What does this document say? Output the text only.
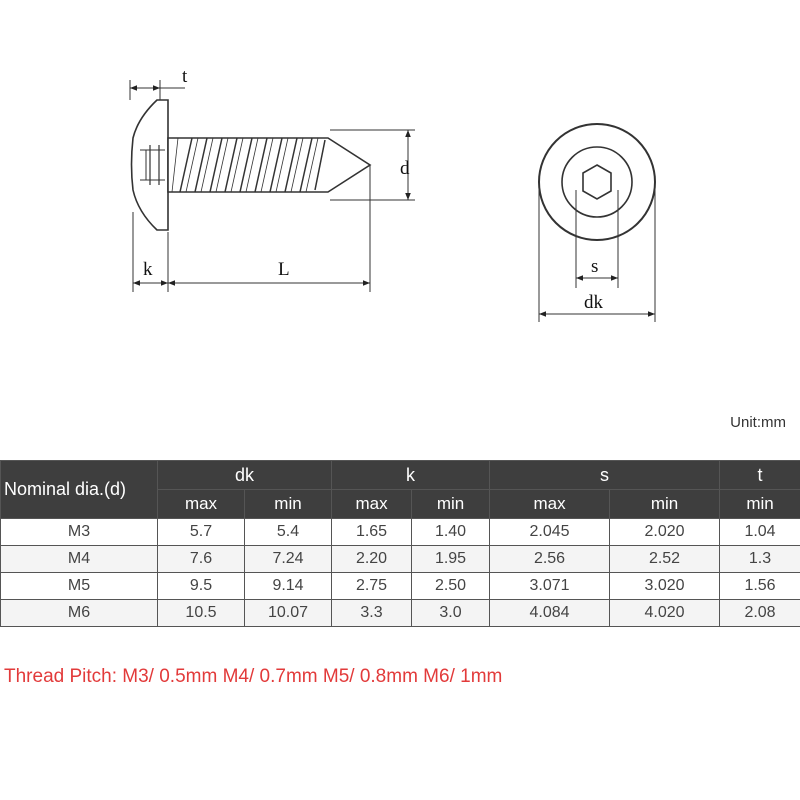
t
d
k	L	s
dk
Unit:mm
Nominal dia.(d)	dk		k		s		t
	max	min	max	min	max	min	min
M3	5.7	5.4	1.65	1.40	2.045	2.020	1.04
M4	7.6	7.24	2.20	1.95	2.56	2.52	1.3
M5	9.5	9.14	2.75	2.50	3.071	3.020	1.56
M6	10.5	10.07	3.3	3.0	4.084	4.020	2.08
Thread Pitch: M3/ 0.5mm M4/ 0.7mm M5/ 0.8mm M6/ 1mm
